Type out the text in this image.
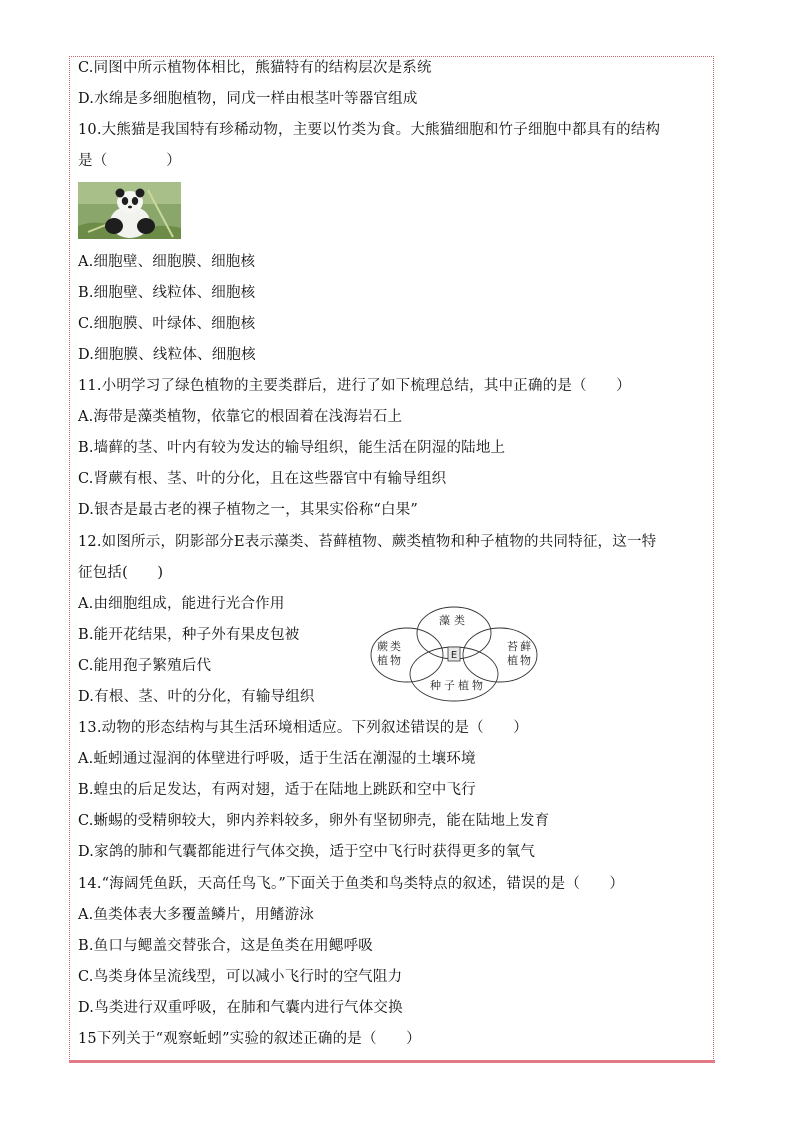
C.同图中所示植物体相比，熊猫特有的结构层次是系统
D.水绵是多细胞植物，同戊一样由根茎叶等器官组成
10.大熊猫是我国特有珍稀动物，主要以竹类为食。大熊猫细胞和竹子细胞中都具有的结构
是（　　　　）
A.细胞壁、细胞膜、细胞核
B.细胞壁、线粒体、细胞核
C.细胞膜、叶绿体、细胞核
D.细胞膜、线粒体、细胞核
11.小明学习了绿色植物的主要类群后，进行了如下梳理总结，其中正确的是（　　）
A.海带是藻类植物，依靠它的根固着在浅海岩石上
B.墙藓的茎、叶内有较为发达的输导组织，能生活在阴湿的陆地上
C.肾蕨有根、茎、叶的分化，且在这些器官中有输导组织
D.银杏是最古老的裸子植物之一，其果实俗称“白果”
12.如图所示，阴影部分E表示藻类、苔藓植物、蕨类植物和种子植物的共同特征，这一特
征包括(　　)
A.由细胞组成，能进行光合作用
B.能开花结果，种子外有果皮包被
C.能用孢子繁殖后代
D.有根、茎、叶的分化，有输导组织
E
藻类
蕨类
植物
苔藓
植物
种子植物
13.动物的形态结构与其生活环境相适应。下列叙述错误的是（　　）
A.蚯蚓通过湿润的体壁进行呼吸，适于生活在潮湿的土壤环境
B.蝗虫的后足发达，有两对翅，适于在陆地上跳跃和空中飞行
C.蜥蜴的受精卵较大，卵内养料较多，卵外有坚韧卵壳，能在陆地上发育
D.家鸽的肺和气囊都能进行气体交换，适于空中飞行时获得更多的氧气
14.“海阔凭鱼跃，天高任鸟飞。”下面关于鱼类和鸟类特点的叙述，错误的是（　　）
A.鱼类体表大多覆盖鳞片，用鳍游泳
B.鱼口与鳃盖交替张合，这是鱼类在用鳃呼吸
C.鸟类身体呈流线型，可以减小飞行时的空气阻力
D.鸟类进行双重呼吸，在肺和气囊内进行气体交换
15下列关于“观察蚯蚓”实验的叙述正确的是（　　）
